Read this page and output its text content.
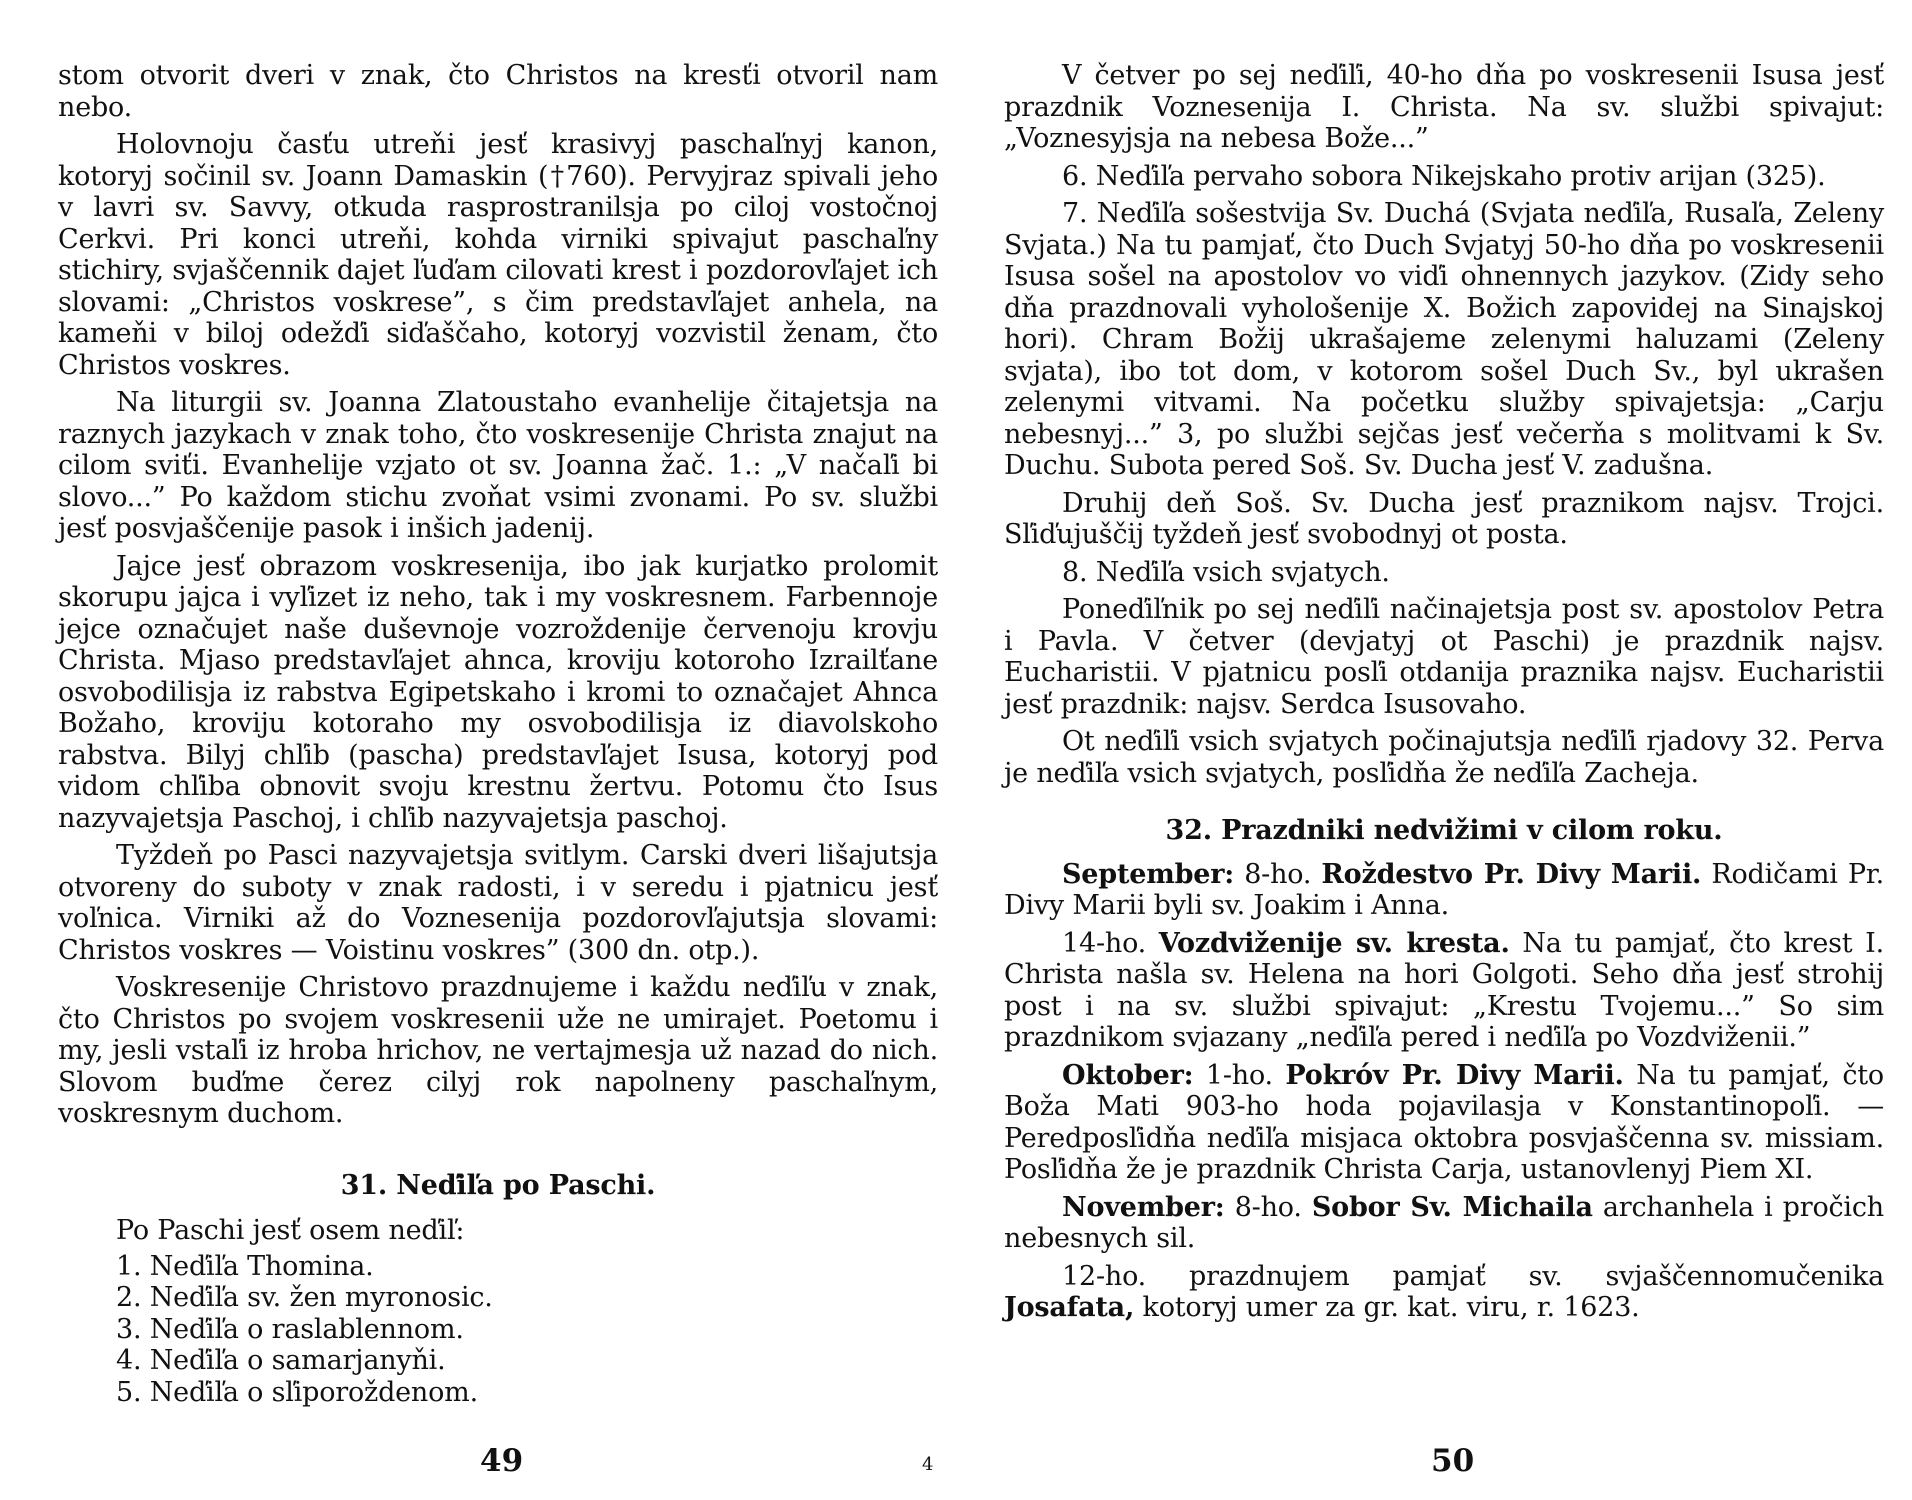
stom otvorit dveri v znak, čto Christos na kresťi otvoril nam nebo.

Holovnoju časťu utreňi jesť krasivyj paschaľnyj kanon, kotoryj sočinil sv. Joann Damaskin (†760). Pervyjraz spivali jeho v lavri sv. Savvy, otkuda rasprostranilsja po ciloj vostočnoj Cerkvi. Pri konci utreňi, kohda virniki spivajut paschaľny stichiry, svjaščennik dajet ľuďam cilovati krest i pozdorovľajet ich slovami: „Christos voskrese”, s čim predstavľajet anhela, na kameňi v biloj odežďi siďaščaho, kotoryj vozvistil ženam, čto Christos voskres.

Na liturgii sv. Joanna Zlatoustaho evanhelije čitajetsja na raznych jazykach v znak toho, čto voskresenije Christa znajut na cilom sviťi. Evanhelije vzjato ot sv. Joanna žač. 1.: „V načaľi bi slovo...” Po každom stichu zvoňat vsimi zvonami. Po sv. službi jesť posvjaščenije pasok i inšich jadenij.

Jajce jesť obrazom voskresenija, ibo jak kurjatko prolomit skorupu jajca i vyľizet iz neho, tak i my voskresnem. Farbennoje jejce označujet naše duševnoje vozroždenije červenoju krovju Christa. Mjaso predstavľajet ahnca, kroviju kotoroho Izrailťane osvobodilisja iz rabstva Egipetskaho i kromi to označajet Ahnca Božaho, kroviju kotoraho my osvobodilisja iz diavolskoho rabstva. Bilyj chľib (pascha) predstavľajet Isusa, kotoryj pod vidom chľiba obnovit svoju krestnu žertvu. Potomu čto Isus nazyvajetsja Paschoj, i chľib nazyvajetsja paschoj.

Tyždeň po Pasci nazyvajetsja svitlym. Carski dveri lišajutsja otvoreny do suboty v znak radosti, i v seredu i pjatnicu jesť voľnica. Virniki až do Voznesenija pozdorovľajutsja slovami: Christos voskres — Voistinu voskres” (300 dn. otp.).

Voskresenije Christovo prazdnujeme i každu neďiľu v znak, čto Christos po svojem voskresenii uže ne umirajet. Poetomu i my, jesli vstaľi iz hroba hrichov, ne vertajmesja už nazad do nich. Slovom buďme čerez cilyj rok napolneny paschaľnym, voskresnym duchom.

31. Neďiľa po Paschi.

Po Paschi jesť osem neďiľ:

1. Neďiľa Thomina.
2. Neďiľa sv. žen myronosic.
3. Neďiľa o raslablennom.
4. Neďiľa o samarjanyňi.
5. Neďiľa o sľiporoždenom.
49	4

V četver po sej neďiľi, 40-ho dňa po voskresenii Isusa jesť prazdnik Voznesenija I. Christa. Na sv. službi spivajut: „Voznesyjsja na nebesa Bože...”

6. Neďiľa pervaho sobora Nikejskaho protiv arijan (325).

7. Neďiľa sošestvija Sv. Duchá (Svjata neďiľa, Rusaľa, Zeleny Svjata.) Na tu pamjať, čto Duch Svjatyj 50-ho dňa po voskresenii Isusa sošel na apostolov vo viďi ohnennych jazykov. (Zidy seho dňa prazdnovali vyhološenije X. Božich zapovidej na Sinajskoj hori). Chram Božij ukrašajeme zelenymi haluzami (Zeleny svjata), ibo tot dom, v kotorom sošel Duch Sv., byl ukrašen zelenymi vitvami. Na početku služby spivajetsja: „Carju nebesnyj...” 3, po službi sejčas jesť večerňa s molitvami k Sv. Duchu. Subota pered Soš. Sv. Ducha jesť V. zadušna.

Druhij deň Soš. Sv. Ducha jesť praznikom najsv. Trojci. Sľiďujuščij tyždeň jesť svobodnyj ot posta.

8. Neďiľa vsich svjatych.

Poneďiľnik po sej neďiľi načinajetsja post sv. apostolov Petra i Pavla. V četver (devjatyj ot Paschi) je prazdnik najsv. Eucharistii. V pjatnicu posľi otdanija praznika najsv. Eucharistii jesť prazdnik: najsv. Serdca Isusovaho.

Ot neďiľi vsich svjatych počinajutsja neďiľi rjadovy 32. Perva je neďiľa vsich svjatych, posľidňa že neďiľa Zacheja.

32. Prazdniki nedvižimi v cilom roku.

September: 8-ho. Roždestvo Pr. Divy Marii. Rodičami Pr. Divy Marii byli sv. Joakim i Anna.

14-ho. Vozdviženije sv. kresta. Na tu pamjať, čto krest I. Christa našla sv. Helena na hori Golgoti. Seho dňa jesť strohij post i na sv. službi spivajut: „Krestu Tvojemu...” So sim prazdnikom svjazany „neďiľa pered i neďiľa po Vozdviženii.”

Oktober: 1-ho. Pokróv Pr. Divy Marii. Na tu pamjať, čto Boža Mati 903-ho hoda pojavilasja v Konstantinopoľi. — Peredposľidňa neďiľa misjaca oktobra posvjaščenna sv. missiam. Posľidňa že je prazdnik Christa Carja, ustanovlenyj Piem XI.

November: 8-ho. Sobor Sv. Michaila archanhela i pročich nebesnych sil.

12-ho. prazdnujem pamjať sv. svjaščennomučenika Josafata, kotoryj umer za gr. kat. viru, r. 1623.

50
